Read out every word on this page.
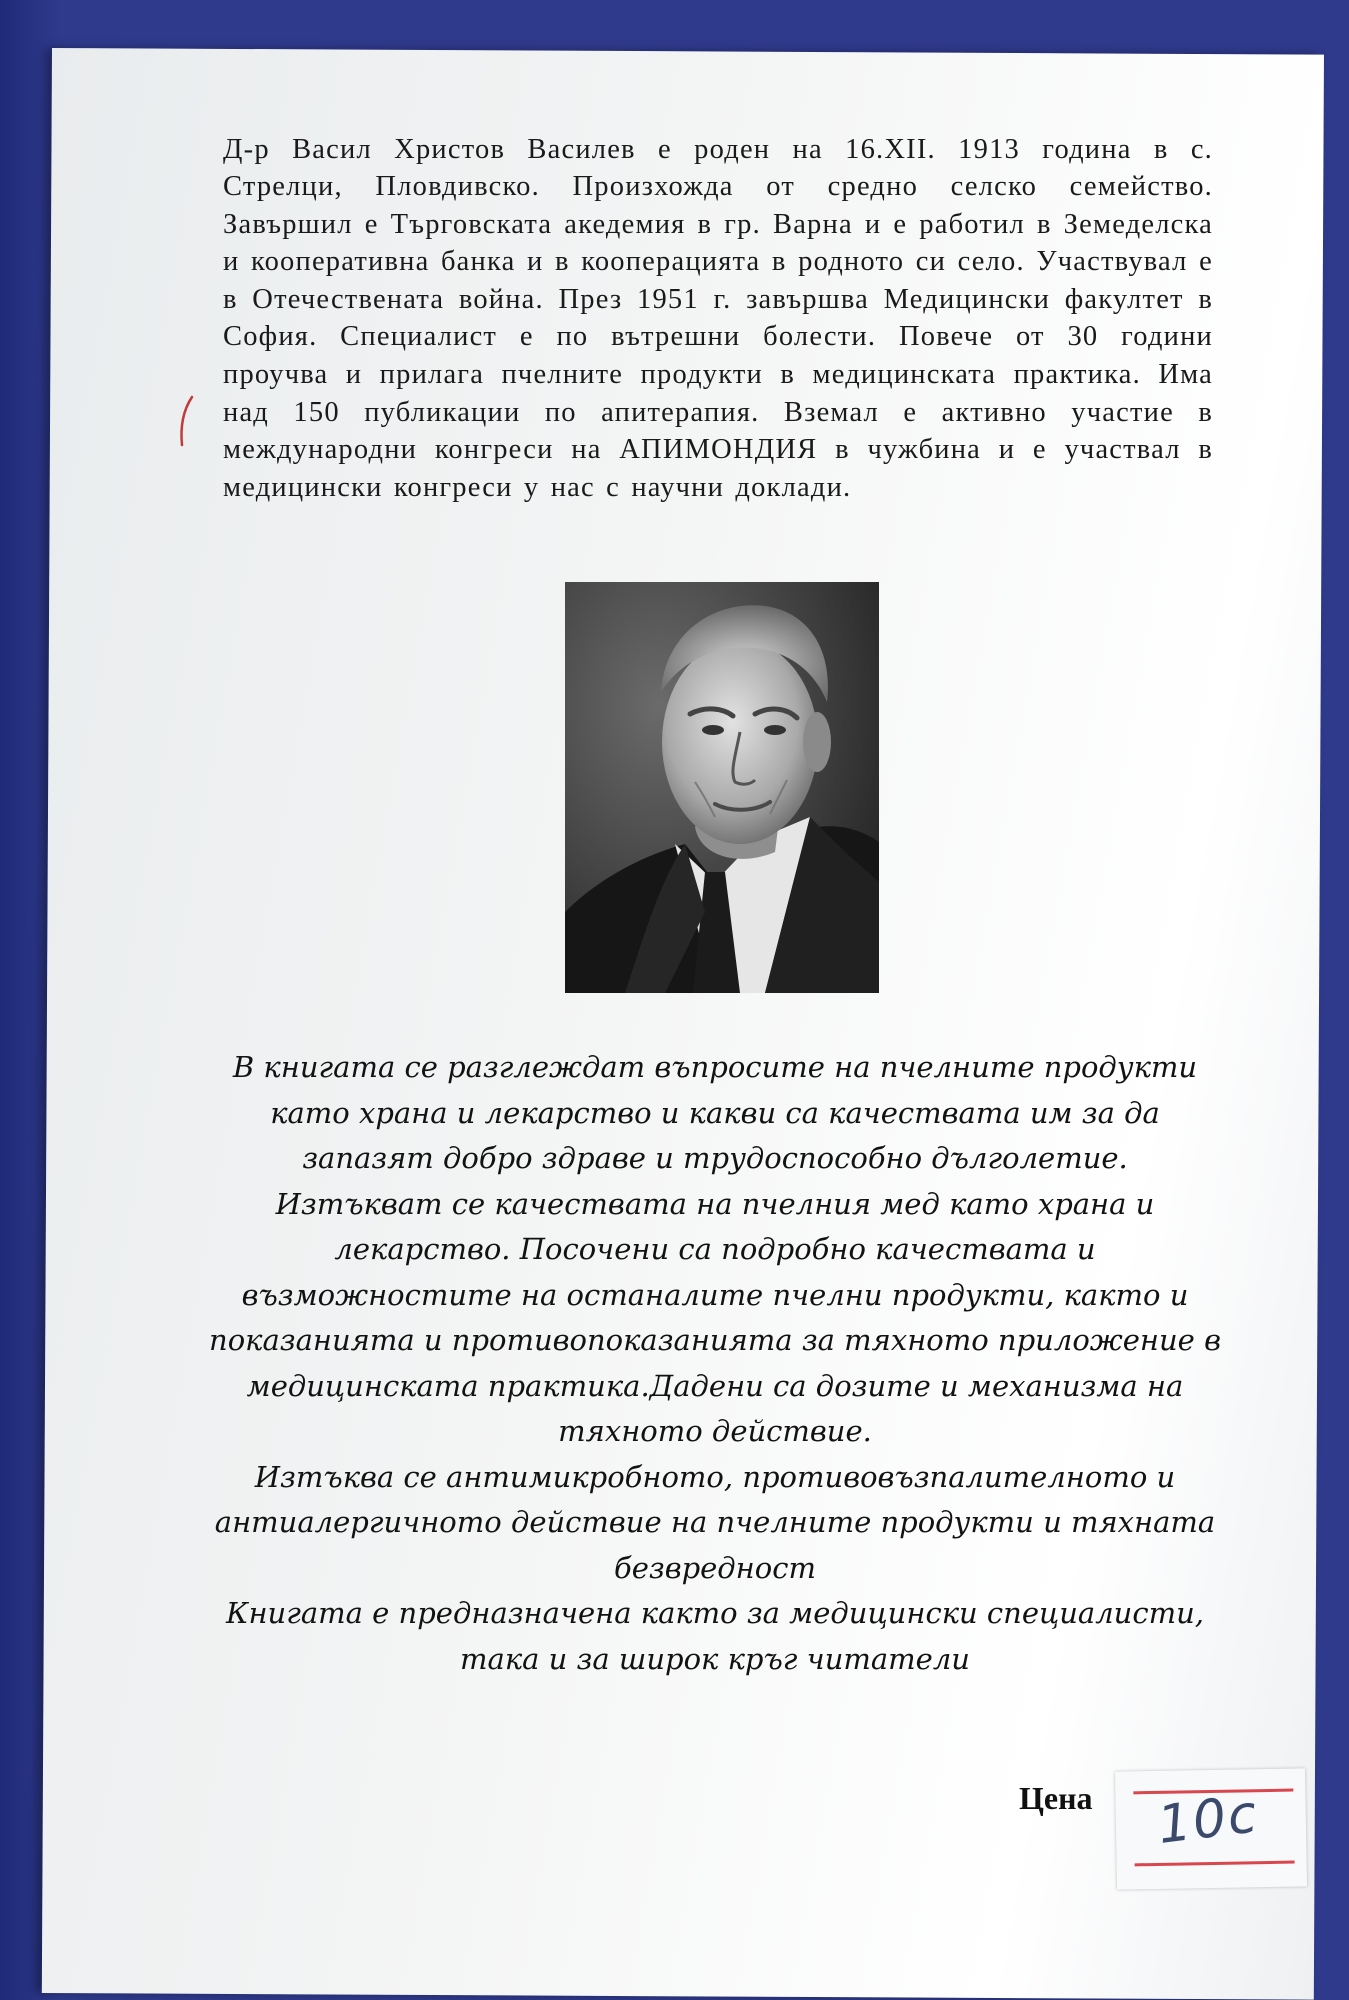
Д-р Васил Христов Василев е роден на 16.XII. 1913 година в с. Стрелци, Пловдивско. Произхожда от средно селско семейство. Завършил е Търговската акедемия в гр. Варна и е работил в Земеделска и кооперативна банка и в кооперацията в родното си село. Участвувал е в Отечествената война. През 1951 г. завършва Медицински факултет в София. Специалист е по вътрешни болести. Повече от 30 години проучва и прилага пчелните продукти в медицинската практика. Има над 150 публикации по апитерапия. Вземал е активно участие в международни конгреси на АПИМОНДИЯ в чужбина и е участвал в медицински конгреси у нас с научни доклади.

В книгата се разглеждат въпросите на пчелните продукти като храна и лекарство и какви са качествата им за да запазят добро здраве и трудоспособно дълголетие.

Изтъкват се качествата на пчелния мед като храна и лекарство. Посочени са подробно качествата и възможностите на останалите пчелни продукти, както и показанията и противопоказанията за тяхното приложение в медицинската практика.Дадени са дозите и механизма на тяхното действие.

Изтъква се антимикробното, противовъзпалителното и антиалергичното действие на пчелните продукти и тяхната безвредност

Книгата е предназначена както за медицински специалисти, така и за широк кръг читатели

Цена 10с
